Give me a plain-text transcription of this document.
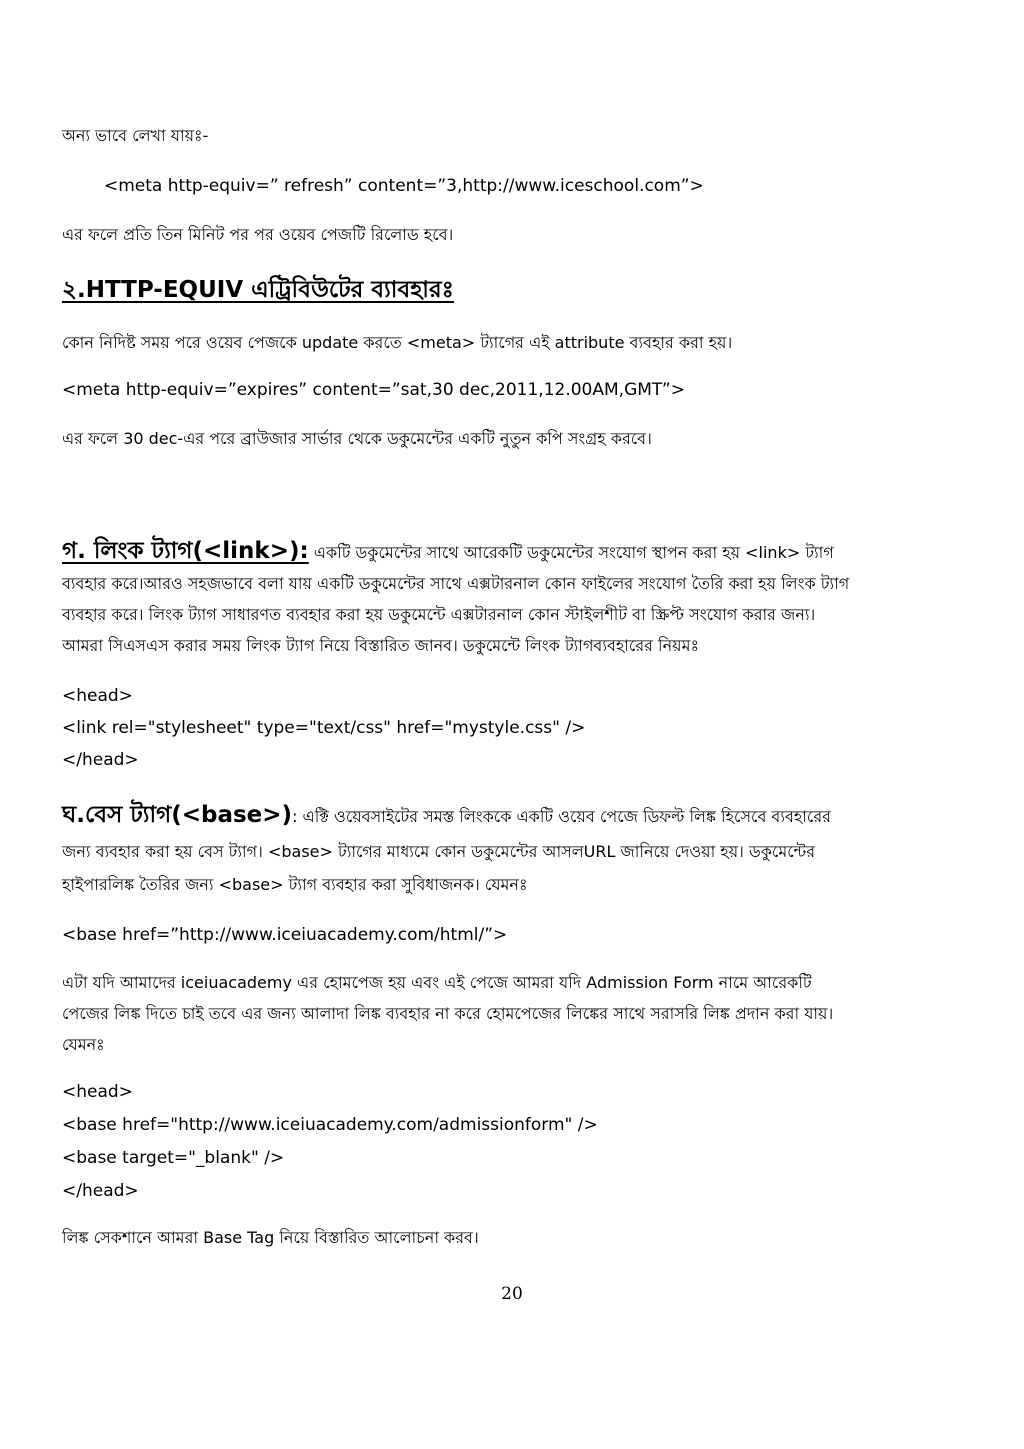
অন্য ভাবে লেখা যায়ঃ-
<meta http-equiv=” refresh” content=”3,http://www.iceschool.com”>
এর ফলে প্রতি তিন মিনিট পর পর ওয়েব পেজটি রিলোড হবে।
২.HTTP-EQUIV এট্রিবিউটের ব্যাবহারঃ
কোন নিদিষ্ট সময় পরে ওয়েব পেজকে update করতে <meta> ট্যাগের এই attribute ব্যবহার করা হয়।
<meta http-equiv=”expires” content=”sat,30 dec,2011,12.00AM,GMT”>
এর ফলে 30 dec-এর পরে ব্রাউজার সার্ভার থেকে ডকুমেন্টের একটি নুতুন কপি সংগ্রহ করবে।
গ. লিংক ট্যাগ(<link>): একটি ডকুমেন্টের সাথে আরেকটি ডকুমেন্টের সংযোগ স্থাপন করা হয় <link> ট্যাগ
ব্যবহার করে।আরও সহজভাবে বলা যায় একটি ডকুমেন্টের সাথে এক্সটারনাল কোন ফাইলের সংযোগ তৈরি করা হয় লিংক ট্যাগ
ব্যবহার করে। লিংক ট্যাগ সাধারণত ব্যবহার করা হয় ডকুমেন্টে এক্সটারনাল কোন স্টাইলশীট বা স্ক্রিপ্ট সংযোগ করার জন্য।
আমরা সিএসএস করার সময় লিংক ট্যাগ নিয়ে বিস্তারিত জানব। ডকুমেন্টে লিংক ট্যাগব্যবহারের নিয়মঃ
<head>
<link rel="stylesheet" type="text/css" href="mystyle.css" />
</head>
ঘ.বেস ট্যাগ(<base>): এক্টি ওয়েবসাইটের সমস্ত লিংককে একটি ওয়েব পেজে ডিফল্ট লিঙ্ক হিসেবে ব্যবহারের
জন্য ব্যবহার করা হয় বেস ট্যাগ। <base> ট্যাগের মাধ্যমে কোন ডকুমেন্টের আসলURL জানিয়ে দেওয়া হয়। ডকুমেন্টের
হাইপারলিঙ্ক তৈরির জন্য <base> ট্যাগ ব্যবহার করা সুবিধাজনক। যেমনঃ
<base href=”http://www.iceiuacademy.com/html/”>
এটা যদি আমাদের iceiuacademy এর হোমপেজ হয় এবং এই পেজে আমরা যদি Admission Form নামে আরেকটি
পেজের লিঙ্ক দিতে চাই তবে এর জন্য আলাদা লিঙ্ক ব্যবহার না করে হোমপেজের লিঙ্কের সাথে সরাসরি লিঙ্ক প্রদান করা যায়।
যেমনঃ
<head>
<base href="http://www.iceiuacademy.com/admissionform" />
<base target="_blank" />
</head>
লিঙ্ক সেকশানে আমরা Base Tag নিয়ে বিস্তারিত আলোচনা করব।
20
